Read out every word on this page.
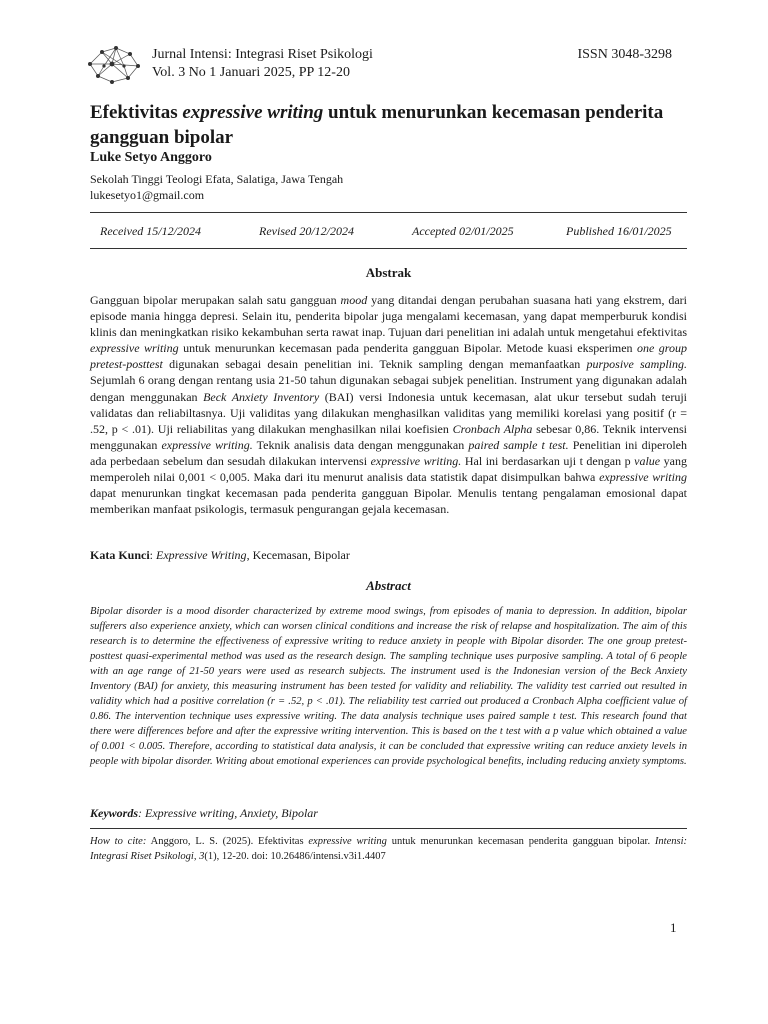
Jurnal Intensi: Integrasi Riset Psikologi
Vol. 3 No 1 Januari 2025, PP 12-20
ISSN 3048-3298
Efektivitas expressive writing untuk menurunkan kecemasan penderita gangguan bipolar
Luke Setyo Anggoro
Sekolah Tinggi Teologi Efata, Salatiga, Jawa Tengah
lukesetyo1@gmail.com
Received 15/12/2024	Revised 20/12/2024	Accepted 02/01/2025	Published 16/01/2025
Abstrak
Gangguan bipolar merupakan salah satu gangguan mood yang ditandai dengan perubahan suasana hati yang ekstrem, dari episode mania hingga depresi. Selain itu, penderita bipolar juga mengalami kecemasan, yang dapat memperburuk kondisi klinis dan meningkatkan risiko kekambuhan serta rawat inap. Tujuan dari penelitian ini adalah untuk mengetahui efektivitas expressive writing untuk menurunkan kecemasan pada penderita gangguan Bipolar. Metode kuasi eksperimen one group pretest-posttest digunakan sebagai desain penelitian ini. Teknik sampling dengan memanfaatkan purposive sampling. Sejumlah 6 orang dengan rentang usia 21-50 tahun digunakan sebagai subjek penelitian. Instrument yang digunakan adalah dengan menggunakan Beck Anxiety Inventory (BAI) versi Indonesia untuk kecemasan, alat ukur tersebut sudah teruji validatas dan reliabiltasnya. Uji validitas yang dilakukan menghasilkan validitas yang memiliki korelasi yang positif (r = .52, p < .01). Uji reliabilitas yang dilakukan menghasilkan nilai koefisien Cronbach Alpha sebesar 0,86. Teknik intervensi menggunakan expressive writing. Teknik analisis data dengan menggunakan paired sample t test. Penelitian ini diperoleh ada perbedaan sebelum dan sesudah dilakukan intervensi expressive writing. Hal ini berdasarkan uji t dengan p value yang memperoleh nilai 0,001 < 0,005. Maka dari itu menurut analisis data statistik dapat disimpulkan bahwa expressive writing dapat menurunkan tingkat kecemasan pada penderita gangguan Bipolar. Menulis tentang pengalaman emosional dapat memberikan manfaat psikologis, termasuk pengurangan gejala kecemasan.
Kata Kunci: Expressive Writing, Kecemasan, Bipolar
Abstract
Bipolar disorder is a mood disorder characterized by extreme mood swings, from episodes of mania to depression. In addition, bipolar sufferers also experience anxiety, which can worsen clinical conditions and increase the risk of relapse and hospitalization. The aim of this research is to determine the effectiveness of expressive writing to reduce anxiety in people with Bipolar disorder. The one group pretest-posttest quasi-experimental method was used as the research design. The sampling technique uses purposive sampling. A total of 6 people with an age range of 21-50 years were used as research subjects. The instrument used is the Indonesian version of the Beck Anxiety Inventory (BAI) for anxiety, this measuring instrument has been tested for validity and reliability. The validity test carried out resulted in validity which had a positive correlation (r = .52, p < .01). The reliability test carried out produced a Cronbach Alpha coefficient value of 0.86. The intervention technique uses expressive writing. The data analysis technique uses paired sample t test. This research found that there were differences before and after the expressive writing intervention. This is based on the t test with a p value which obtained a value of 0.001 < 0.005. Therefore, according to statistical data analysis, it can be concluded that expressive writing can reduce anxiety levels in people with bipolar disorder. Writing about emotional experiences can provide psychological benefits, including reducing anxiety symptoms.
Keywords: Expressive writing, Anxiety, Bipolar
How to cite: Anggoro, L. S. (2025). Efektivitas expressive writing untuk menurunkan kecemasan penderita gangguan bipolar. Intensi: Integrasi Riset Psikologi, 3(1), 12-20. doi: 10.26486/intensi.v3i1.4407
1
